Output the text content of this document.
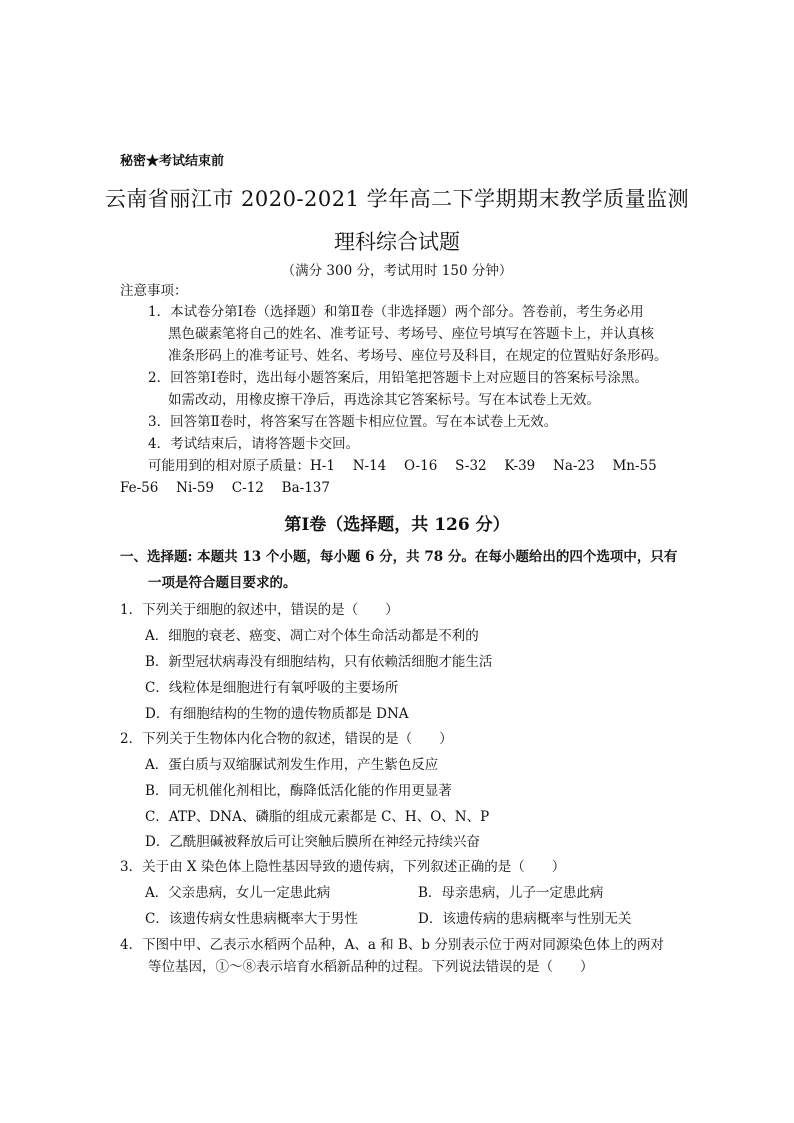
秘密★考试结束前
云南省丽江市 2020-2021 学年高二下学期期末教学质量监测
理科综合试题
（满分 300 分，考试用时 150 分钟）
注意事项：
1．本试卷分第Ⅰ卷（选择题）和第Ⅱ卷（非选择题）两个部分。答卷前，考生务必用
黑色碳素笔将自己的姓名、准考证号、考场号、座位号填写在答题卡上，并认真核
准条形码上的准考证号、姓名、考场号、座位号及科目，在规定的位置贴好条形码。
2．回答第Ⅰ卷时，选出每小题答案后，用铅笔把答题卡上对应题目的答案标号涂黑。
如需改动，用橡皮擦干净后，再选涂其它答案标号。写在本试卷上无效。
3．回答第Ⅱ卷时，将答案写在答题卡相应位置。写在本试卷上无效。
4．考试结束后，请将答题卡交回。
可能用到的相对原子质量：H-1　 N-14　 O-16　 S-32　 K-39　 Na-23　 Mn-55
Fe-56　 Ni-59　 C-12　 Ba-137
第Ⅰ卷（选择题，共 126 分）
一、选择题: 本题共 13 个小题，每小题 6 分，共 78 分。在每小题给出的四个选项中，只有
一项是符合题目要求的。
1．下列关于细胞的叙述中，错误的是（　　）
A．细胞的衰老、癌变、凋亡对个体生命活动都是不利的
B．新型冠状病毒没有细胞结构，只有依赖活细胞才能生活
C．线粒体是细胞进行有氧呼吸的主要场所
D．有细胞结构的生物的遗传物质都是 DNA
2．下列关于生物体内化合物的叙述，错误的是（　　）
A．蛋白质与双缩脲试剂发生作用，产生紫色反应
B．同无机催化剂相比，酶降低活化能的作用更显著
C．ATP、DNA、磷脂的组成元素都是 C、H、O、N、P
D．乙酰胆碱被释放后可让突触后膜所在神经元持续兴奋
3．关于由 X 染色体上隐性基因导致的遗传病，下列叙述正确的是（　　）
A．父亲患病，女儿一定患此病	B．母亲患病，儿子一定患此病
C．该遗传病女性患病概率大于男性	D．该遗传病的患病概率与性别无关
4．下图中甲、乙表示水稻两个品种，A、a 和 B、b 分别表示位于两对同源染色体上的两对
等位基因，①～⑧表示培育水稻新品种的过程。下列说法错误的是（　　）
